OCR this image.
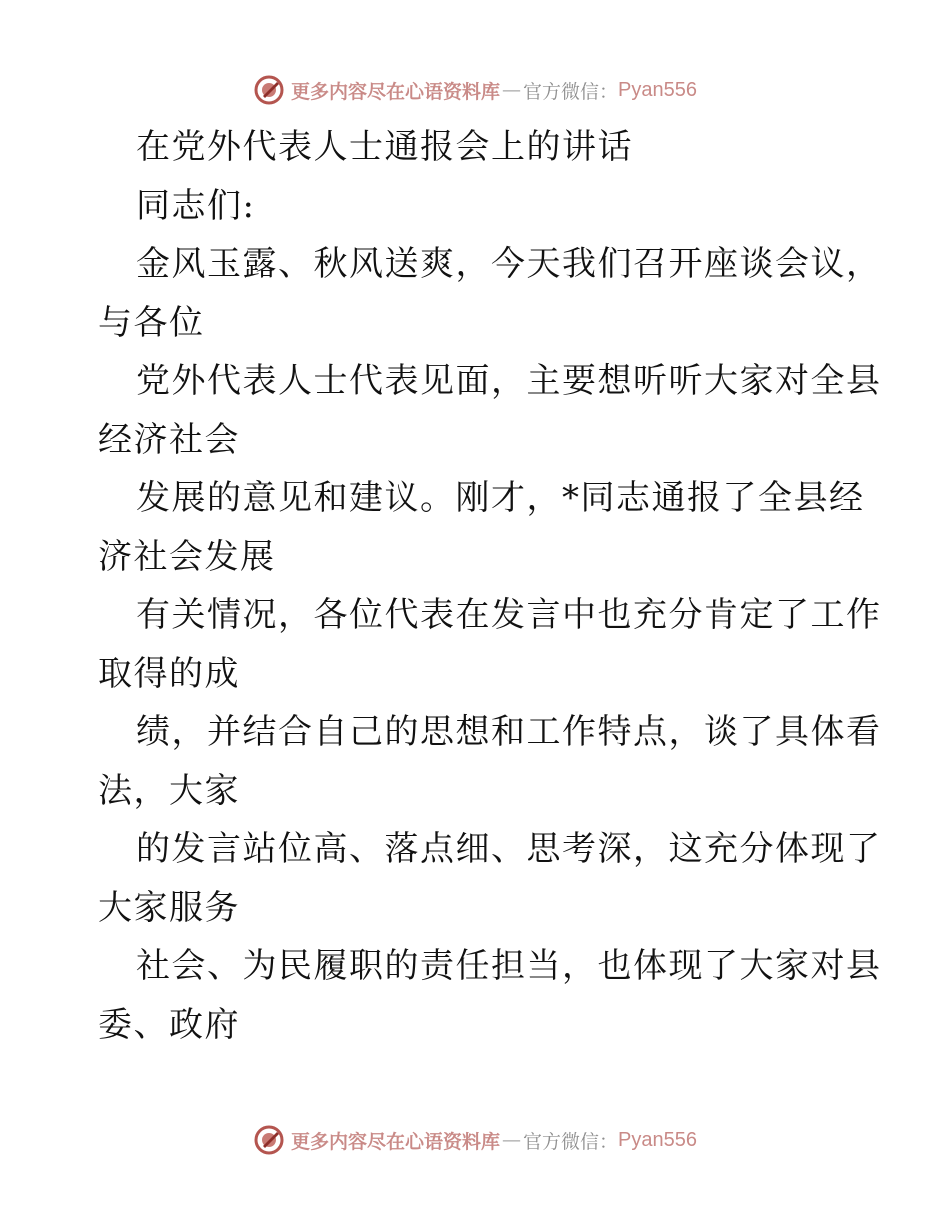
更多内容尽在心语资料库 — 官方微信： Pyan556
在党外代表人士通报会上的讲话
同志们:
金风玉露、秋风送爽，今天我们召开座谈会议，
与各位
党外代表人士代表见面，主要想听听大家对全县
经济社会
发展的意见和建议。刚才，*同志通报了全县经
济社会发展
有关情况，各位代表在发言中也充分肯定了工作
取得的成
绩，并结合自己的思想和工作特点，谈了具体看
法，大家
的发言站位高、落点细、思考深，这充分体现了
大家服务
社会、为民履职的责任担当，也体现了大家对县
委、政府
更多内容尽在心语资料库 — 官方微信： Pyan556
